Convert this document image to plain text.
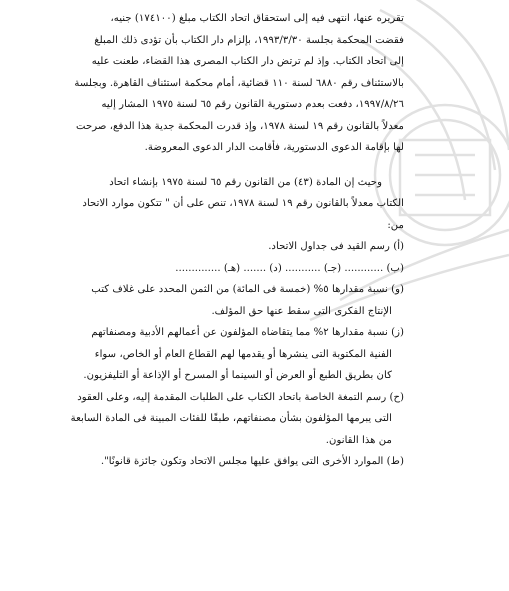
تقريره عنها، انتهى فيه إلى استحقاق اتحاد الكتاب مبلغ (١٧٤١٠٠) جنيه،
فقضت المحكمة بجلسة ١٩٩٣/٣/٣٠، بإلزام دار الكتاب بأن تؤدى ذلك المبلغ
إلى اتحاد الكتاب. وإذ لم ترتض دار الكتاب المصرى هذا القضاء، طعنت عليه
بالاستئناف رقم ٦٨٨٠ لسنة ١١٠ قضائية، أمام محكمة استئناف القاهرة. وبجلسة
١٩٩٧/٨/٢٦، دفعت بعدم دستورية القانون رقم ٦٥ لسنة ١٩٧٥ المشار إليه
معدلاً بالقانون رقم ١٩ لسنة ١٩٧٨، وإذ قدرت المحكمة جدية هذا الدفع، صرحت
لها بإقامة الدعوى الدستورية، فأقامت الدار الدعوى المعروضة.

وحيث إن المادة (٤٣) من القانون رقم ٦٥ لسنة ١٩٧٥ بإنشاء اتحاد
الكتاب معدلاً بالقانون رقم ١٩ لسنة ١٩٧٨، تنص على أن " تتكون موارد الاتحاد
من:

(أ) رسم القيد فى جداول الاتحاد.

(ب) ............ (جـ) ........... (د) ....... (هـ) ..............

(و) نسبة مقدارها ٥% (خمسة فى المائة) من الثمن المحدد على غلاف كتب
الإنتاج الفكرى التى سقط عنها حق المؤلف.

(ز) نسبة مقدارها ٢% مما يتقاضاه المؤلفون عن أعمالهم الأدبية ومصنفاتهم
الفنية المكتوبة التى ينشرها أو يقدمها لهم القطاع العام أو الخاص، سواء
كان بطريق الطبع أو العرض أو السينما أو المسرح أو الإذاعة أو التليفزيون.

(ح) رسم التمغة الخاصة باتحاد الكتاب على الطلبات المقدمة إليه، وعلى العقود
التى يبرمها المؤلفون بشأن مصنفاتهم، طبقًا للفئات المبينة فى المادة السابعة
من هذا القانون.

(ط) الموارد الأخرى التى يوافق عليها مجلس الاتحاد وتكون جائزة قانونًا".
